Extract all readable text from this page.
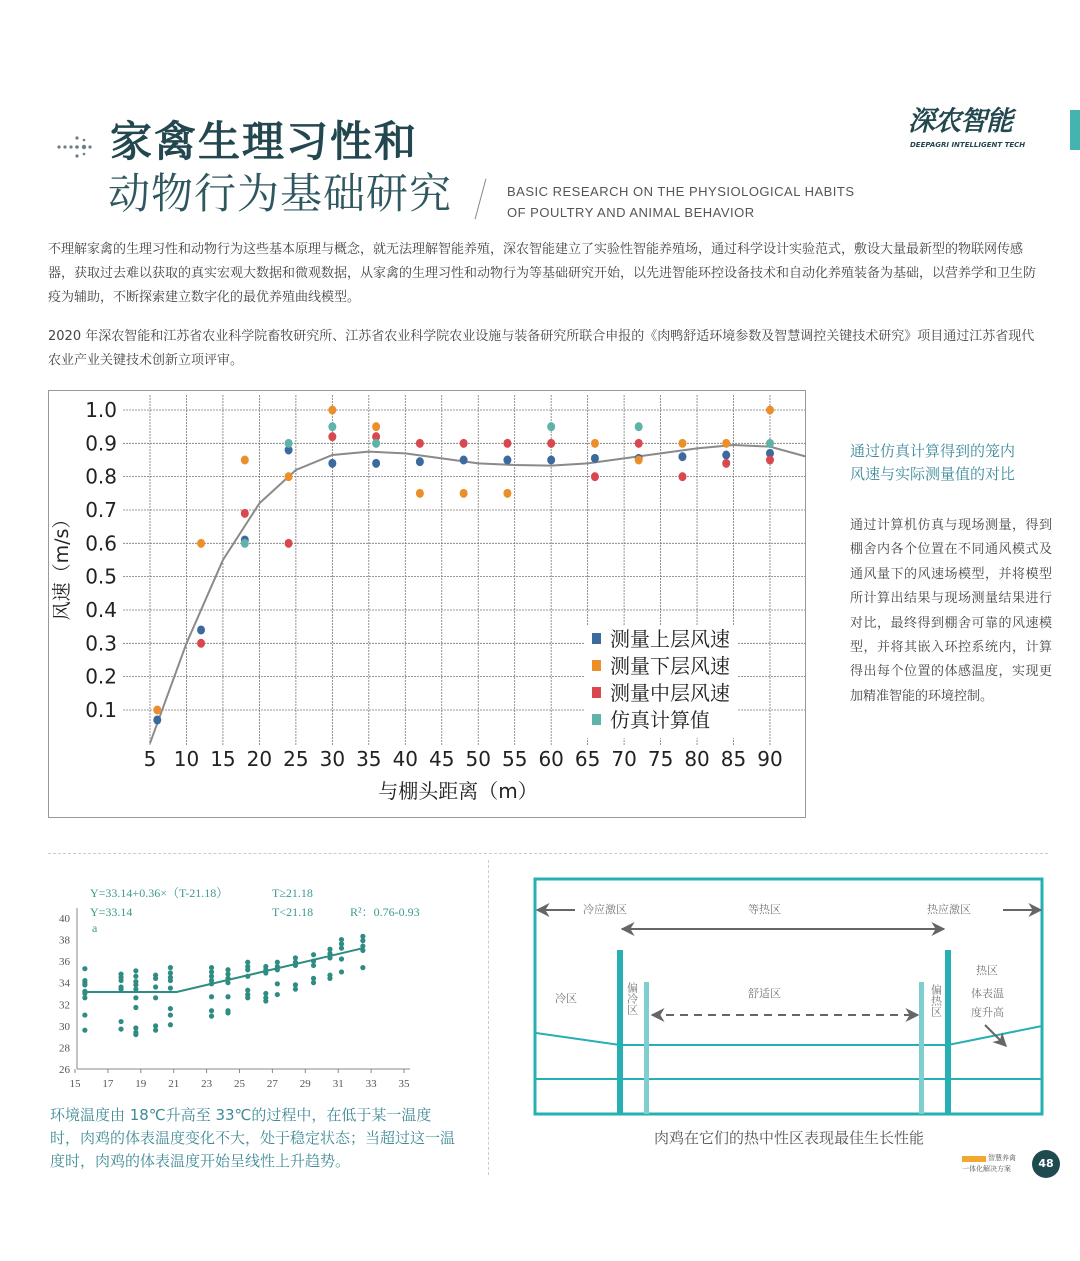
家禽生理习性和
动物行为基础研究	BASIC RESEARCH ON THE PHYSIOLOGICAL HABITS
OF POULTRY AND ANIMAL BEHAVIOR
深农智能
DEEPAGRI INTELLIGENT TECH
不理解家禽的生理习性和动物行为这些基本原理与概念，就无法理解智能养殖，深农智能建立了实验性智能养殖场，通过科学设计实验范式，敷设大量最新型的物联网传感器，获取过去难以获取的真实宏观大数据和微观数据，从家禽的生理习性和动物行为等基础研究开始，以先进智能环控设备技术和自动化养殖装备为基础，以营养学和卫生防疫为辅助，不断探索建立数字化的最优养殖曲线模型。
2020 年深农智能和江苏省农业科学院畜牧研究所、江苏省农业科学院农业设施与装备研究所联合申报的《肉鸭舒适环境参数及智慧调控关键技术研究》项目通过江苏省现代农业产业关键技术创新立项评审。
1.0
0.9
0.8
0.7
0.6
0.5
0.4
0.3
0.2
0.1
5 10 15 20 25 30 35 40 45 50 55 60 65 70 75 80 85 90
与棚头距离（m）
风速（m/s）
测量上层风速
测量下层风速
测量中层风速
仿真计算值
通过仿真计算得到的笼内
风速与实际测量值的对比
通过计算机仿真与现场测量，得到棚舍内各个位置在不同通风模式及通风量下的风速场模型，并将模型所计算出结果与现场测量结果进行对比，最终得到棚舍可靠的风速模型，并将其嵌入环控系统内，计算得出每个位置的体感温度，实现更加精准智能的环境控制。
40
38
36
34
32
30
28
26
15 17 19 21 23 25 27 29 31 33 35
Y=33.14+0.36×（T-21.18）	T≥21.18
Y=33.14	T<21.18	R²：0.76-0.93
a
环境温度由 18℃升高至 33℃的过程中，在低于某一温度时，肉鸡的体表温度变化不大，处于稳定状态；当超过这一温度时，肉鸡的体表温度开始呈线性上升趋势。
冷应激区	等热区	热应激区
冷区	舒适区
热区
体表温
度升高
偏冷区	偏热区
肉鸡在它们的热中性区表现最佳生长性能
智慧养禽
一体化解决方案	48
